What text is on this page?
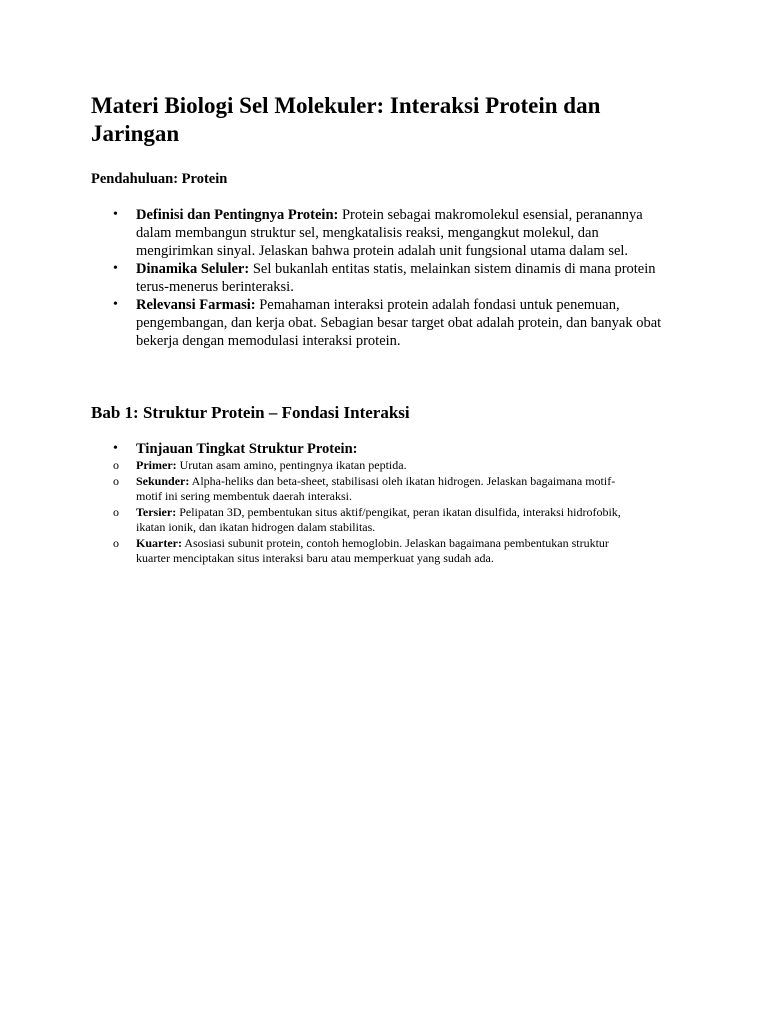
Materi Biologi Sel Molekuler: Interaksi Protein dan Jaringan
Pendahuluan: Protein
• Definisi dan Pentingnya Protein: Protein sebagai makromolekul esensial, peranannya dalam membangun struktur sel, mengkatalisis reaksi, mengangkut molekul, dan mengirimkan sinyal. Jelaskan bahwa protein adalah unit fungsional utama dalam sel.
• Dinamika Seluler: Sel bukanlah entitas statis, melainkan sistem dinamis di mana protein terus-menerus berinteraksi.
• Relevansi Farmasi: Pemahaman interaksi protein adalah fondasi untuk penemuan, pengembangan, dan kerja obat. Sebagian besar target obat adalah protein, dan banyak obat bekerja dengan memodulasi interaksi protein.
Bab 1: Struktur Protein – Fondasi Interaksi
• Tinjauan Tingkat Struktur Protein:
o Primer: Urutan asam amino, pentingnya ikatan peptida.
o Sekunder: Alpha-heliks dan beta-sheet, stabilisasi oleh ikatan hidrogen. Jelaskan bagaimana motif-motif ini sering membentuk daerah interaksi.
o Tersier: Pelipatan 3D, pembentukan situs aktif/pengikat, peran ikatan disulfida, interaksi hidrofobik, ikatan ionik, dan ikatan hidrogen dalam stabilitas.
o Kuarter: Asosiasi subunit protein, contoh hemoglobin. Jelaskan bagaimana pembentukan struktur kuarter menciptakan situs interaksi baru atau memperkuat yang sudah ada.
